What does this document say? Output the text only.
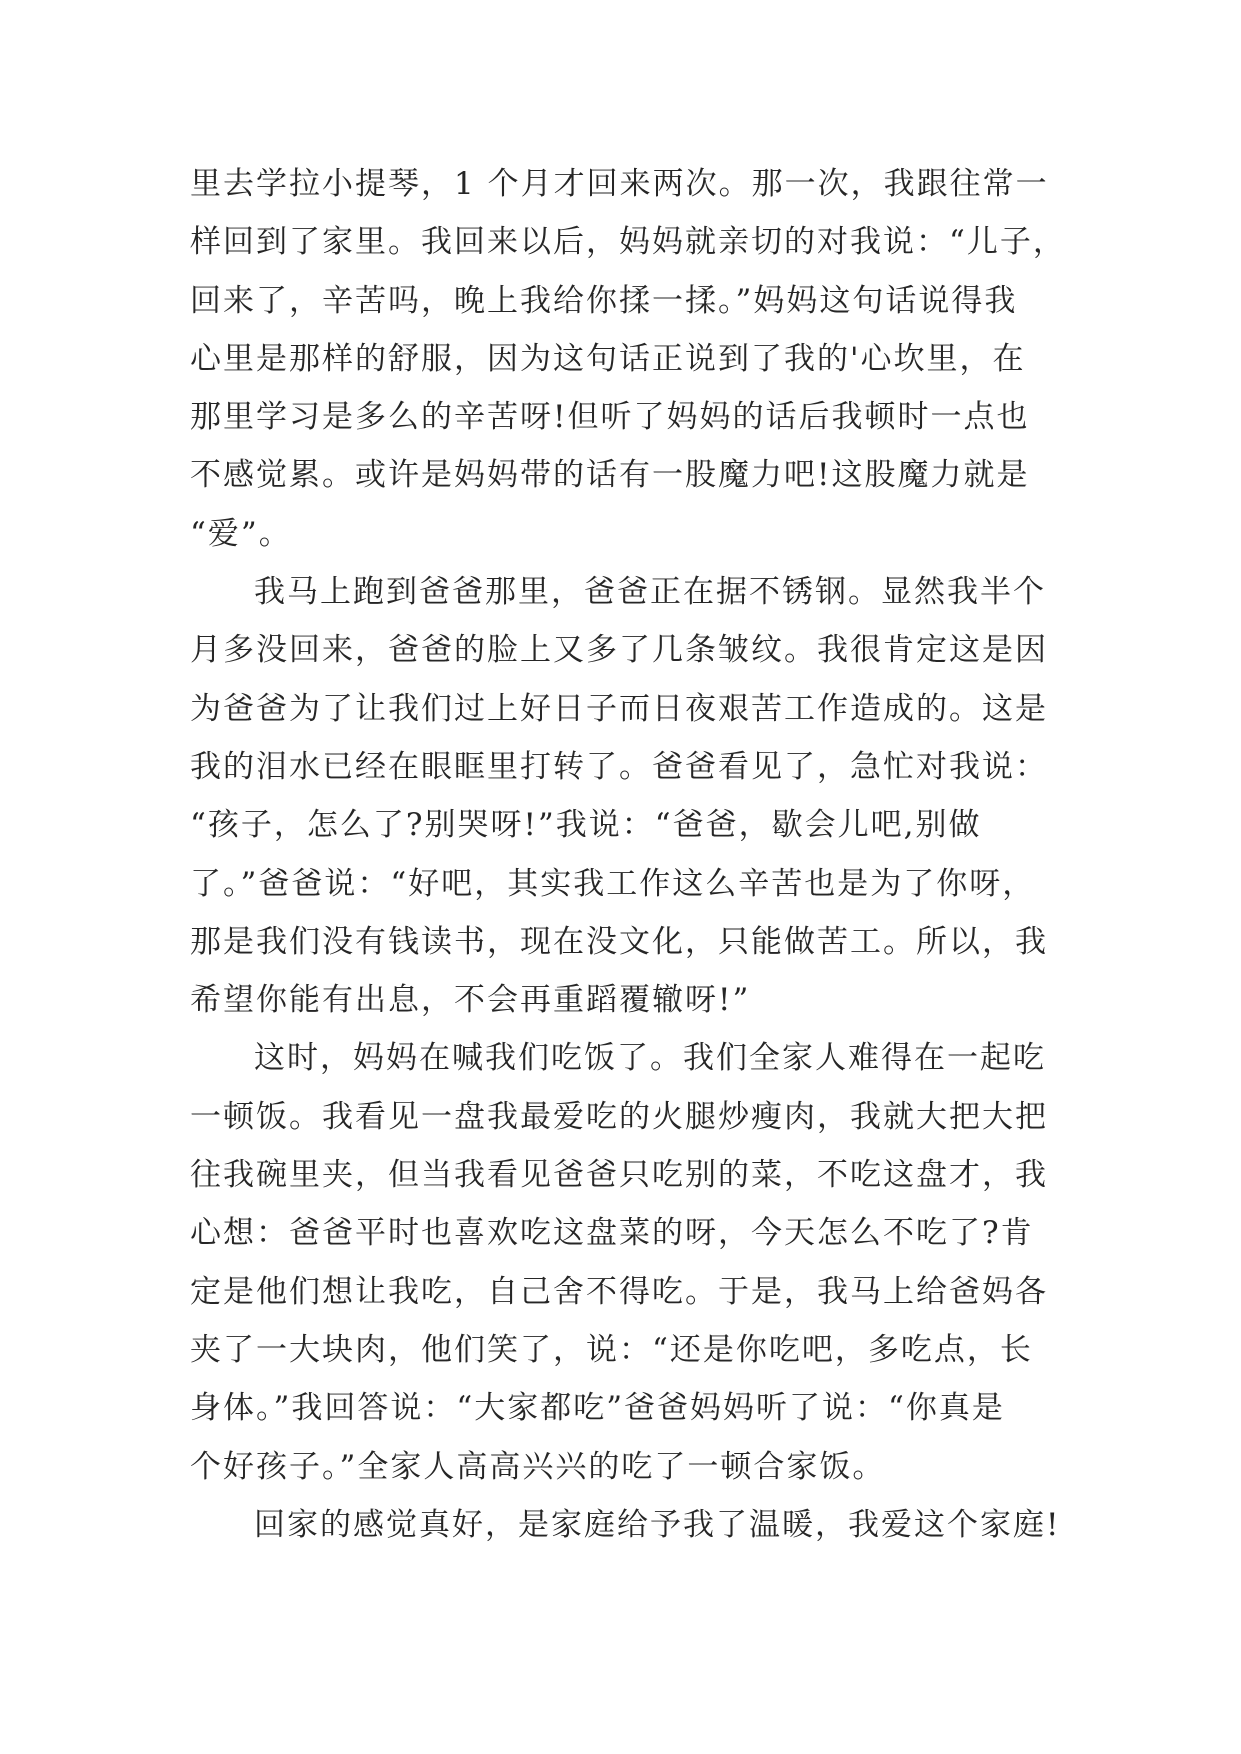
里去学拉小提琴，1 个月才回来两次。那一次，我跟往常一
样回到了家里。我回来以后，妈妈就亲切的对我说：“儿子，
回来了，辛苦吗，晚上我给你揉一揉。”妈妈这句话说得我
心里是那样的舒服，因为这句话正说到了我的'心坎里，在
那里学习是多么的辛苦呀!但听了妈妈的话后我顿时一点也
不感觉累。或许是妈妈带的话有一股魔力吧!这股魔力就是
“爱”。
我马上跑到爸爸那里，爸爸正在据不锈钢。显然我半个
月多没回来，爸爸的脸上又多了几条皱纹。我很肯定这是因
为爸爸为了让我们过上好日子而日夜艰苦工作造成的。这是
我的泪水已经在眼眶里打转了。爸爸看见了，急忙对我说：
“孩子，怎么了?别哭呀!”我说：“爸爸，歇会儿吧,别做
了。”爸爸说：“好吧，其实我工作这么辛苦也是为了你呀，
那是我们没有钱读书，现在没文化，只能做苦工。所以，我
希望你能有出息，不会再重蹈覆辙呀!”
这时，妈妈在喊我们吃饭了。我们全家人难得在一起吃
一顿饭。我看见一盘我最爱吃的火腿炒瘦肉，我就大把大把
往我碗里夹，但当我看见爸爸只吃别的菜，不吃这盘才，我
心想：爸爸平时也喜欢吃这盘菜的呀，今天怎么不吃了?肯
定是他们想让我吃，自己舍不得吃。于是，我马上给爸妈各
夹了一大块肉，他们笑了，说：“还是你吃吧，多吃点，长
身体。”我回答说：“大家都吃”爸爸妈妈听了说：“你真是
个好孩子。”全家人高高兴兴的吃了一顿合家饭。
回家的感觉真好，是家庭给予我了温暖，我爱这个家庭!
